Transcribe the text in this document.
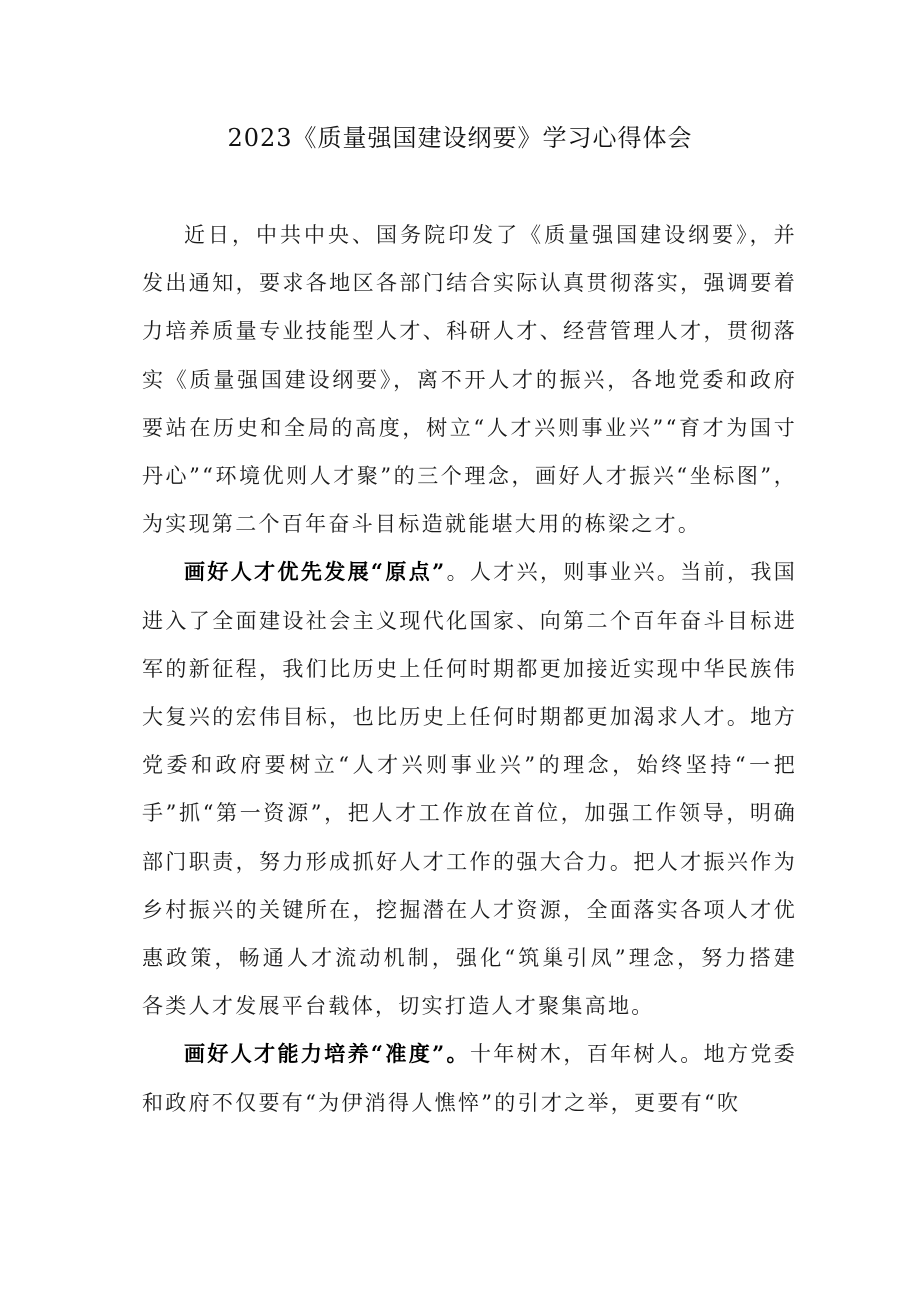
2023《质量强国建设纲要》学习心得体会

近日，中共中央、国务院印发了《质量强国建设纲要》，并发出通知，要求各地区各部门结合实际认真贯彻落实，强调要着力培养质量专业技能型人才、科研人才、经营管理人才，贯彻落实《质量强国建设纲要》，离不开人才的振兴，各地党委和政府要站在历史和全局的高度，树立“人才兴则事业兴”“育才为国寸丹心”“环境优则人才聚”的三个理念，画好人才振兴“坐标图”，为实现第二个百年奋斗目标造就能堪大用的栋梁之才。

画好人才优先发展“原点”。人才兴，则事业兴。当前，我国进入了全面建设社会主义现代化国家、向第二个百年奋斗目标进军的新征程，我们比历史上任何时期都更加接近实现中华民族伟大复兴的宏伟目标，也比历史上任何时期都更加渴求人才。地方党委和政府要树立“人才兴则事业兴”的理念，始终坚持“一把手”抓“第一资源”，把人才工作放在首位，加强工作领导，明确部门职责，努力形成抓好人才工作的强大合力。把人才振兴作为乡村振兴的关键所在，挖掘潜在人才资源，全面落实各项人才优惠政策，畅通人才流动机制，强化“筑巢引凤”理念，努力搭建各类人才发展平台载体，切实打造人才聚集高地。

画好人才能力培养“准度”。十年树木，百年树人。地方党委和政府不仅要有“为伊消得人憔悴”的引才之举，更要有“吹
